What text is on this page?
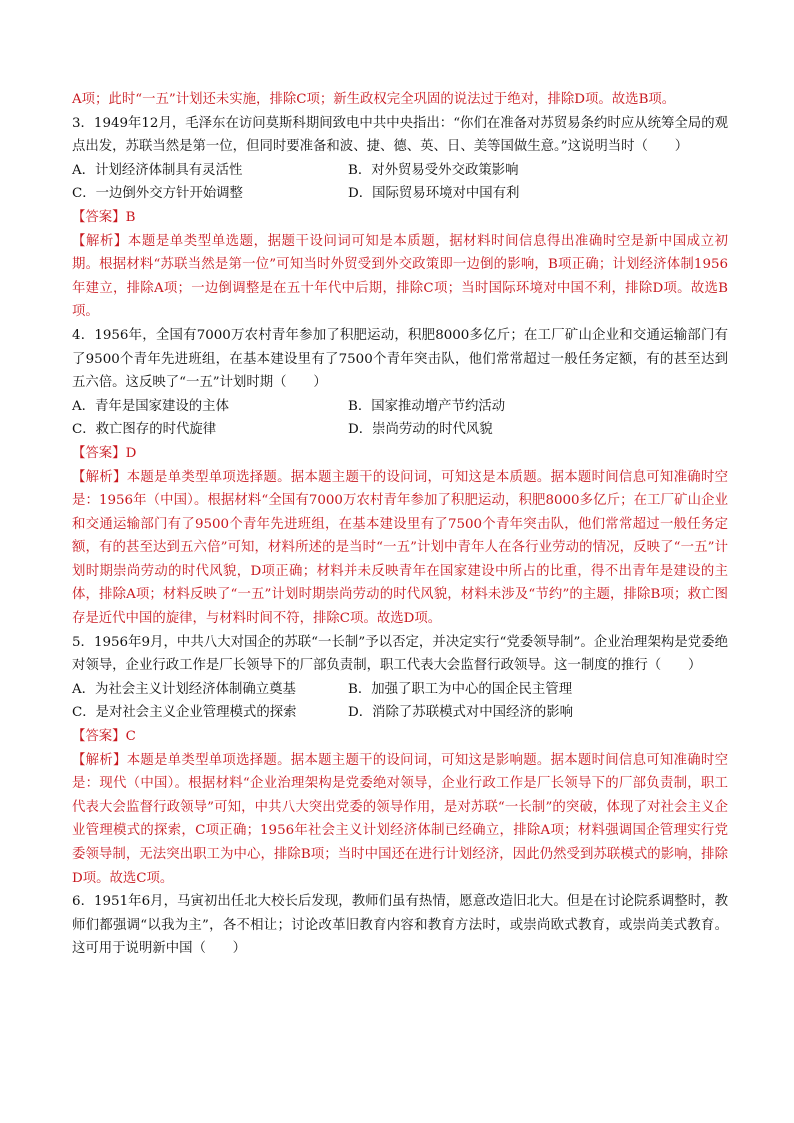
A项；此时“一五”计划还未实施，排除C项；新生政权完全巩固的说法过于绝对，排除D项。故选B项。

3．1949年12月，毛泽东在访问莫斯科期间致电中共中央指出：“你们在准备对苏贸易条约时应从统筹全局的观点出发，苏联当然是第一位，但同时要准备和波、捷、德、英、日、美等国做生意。”这说明当时（　　）

A．计划经济体制具有灵活性	B．对外贸易受外交政策影响
C．一边倒外交方针开始调整	D．国际贸易环境对中国有利

【答案】B

【解析】本题是单类型单选题，据题干设问词可知是本质题，据材料时间信息得出准确时空是新中国成立初期。根据材料“苏联当然是第一位”可知当时外贸受到外交政策即一边倒的影响，B项正确；计划经济体制1956年建立，排除A项；一边倒调整是在五十年代中后期，排除C项；当时国际环境对中国不利，排除D项。故选B项。

4．1956年，全国有7000万农村青年参加了积肥运动，积肥8000多亿斤；在工厂矿山企业和交通运输部门有了9500个青年先进班组，在基本建设里有了7500个青年突击队，他们常常超过一般任务定额，有的甚至达到五六倍。这反映了“一五”计划时期（　　）

A．青年是国家建设的主体	B．国家推动增产节约活动
C．救亡图存的时代旋律	D．崇尚劳动的时代风貌

【答案】D

【解析】本题是单类型单项选择题。据本题主题干的设问词，可知这是本质题。据本题时间信息可知准确时空是：1956年（中国）。根据材料“全国有7000万农村青年参加了积肥运动，积肥8000多亿斤；在工厂矿山企业和交通运输部门有了9500个青年先进班组，在基本建设里有了7500个青年突击队，他们常常超过一般任务定额，有的甚至达到五六倍”可知，材料所述的是当时“一五”计划中青年人在各行业劳动的情况，反映了“一五”计划时期崇尚劳动的时代风貌，D项正确；材料并未反映青年在国家建设中所占的比重，得不出青年是建设的主体，排除A项；材料反映了“一五”计划时期崇尚劳动的时代风貌，材料未涉及“节约”的主题，排除B项；救亡图存是近代中国的旋律，与材料时间不符，排除C项。故选D项。

5．1956年9月，中共八大对国企的苏联“一长制”予以否定，并决定实行“党委领导制”。企业治理架构是党委绝对领导，企业行政工作是厂长领导下的厂部负责制，职工代表大会监督行政领导。这一制度的推行（　　）

A．为社会主义计划经济体制确立奠基	B．加强了职工为中心的国企民主管理
C．是对社会主义企业管理模式的探索	D．消除了苏联模式对中国经济的影响

【答案】C

【解析】本题是单类型单项选择题。据本题主题干的设问词，可知这是影响题。据本题时间信息可知准确时空是：现代（中国）。根据材料“企业治理架构是党委绝对领导，企业行政工作是厂长领导下的厂部负责制，职工代表大会监督行政领导”可知，中共八大突出党委的领导作用，是对苏联“一长制”的突破，体现了对社会主义企业管理模式的探索，C项正确；1956年社会主义计划经济体制已经确立，排除A项；材料强调国企管理实行党委领导制，无法突出职工为中心，排除B项；当时中国还在进行计划经济，因此仍然受到苏联模式的影响，排除D项。故选C项。

6．1951年6月，马寅初出任北大校长后发现，教师们虽有热情，愿意改造旧北大。但是在讨论院系调整时，教师们都强调“以我为主”，各不相让；讨论改革旧教育内容和教育方法时，或崇尚欧式教育，或崇尚美式教育。这可用于说明新中国（　　）
